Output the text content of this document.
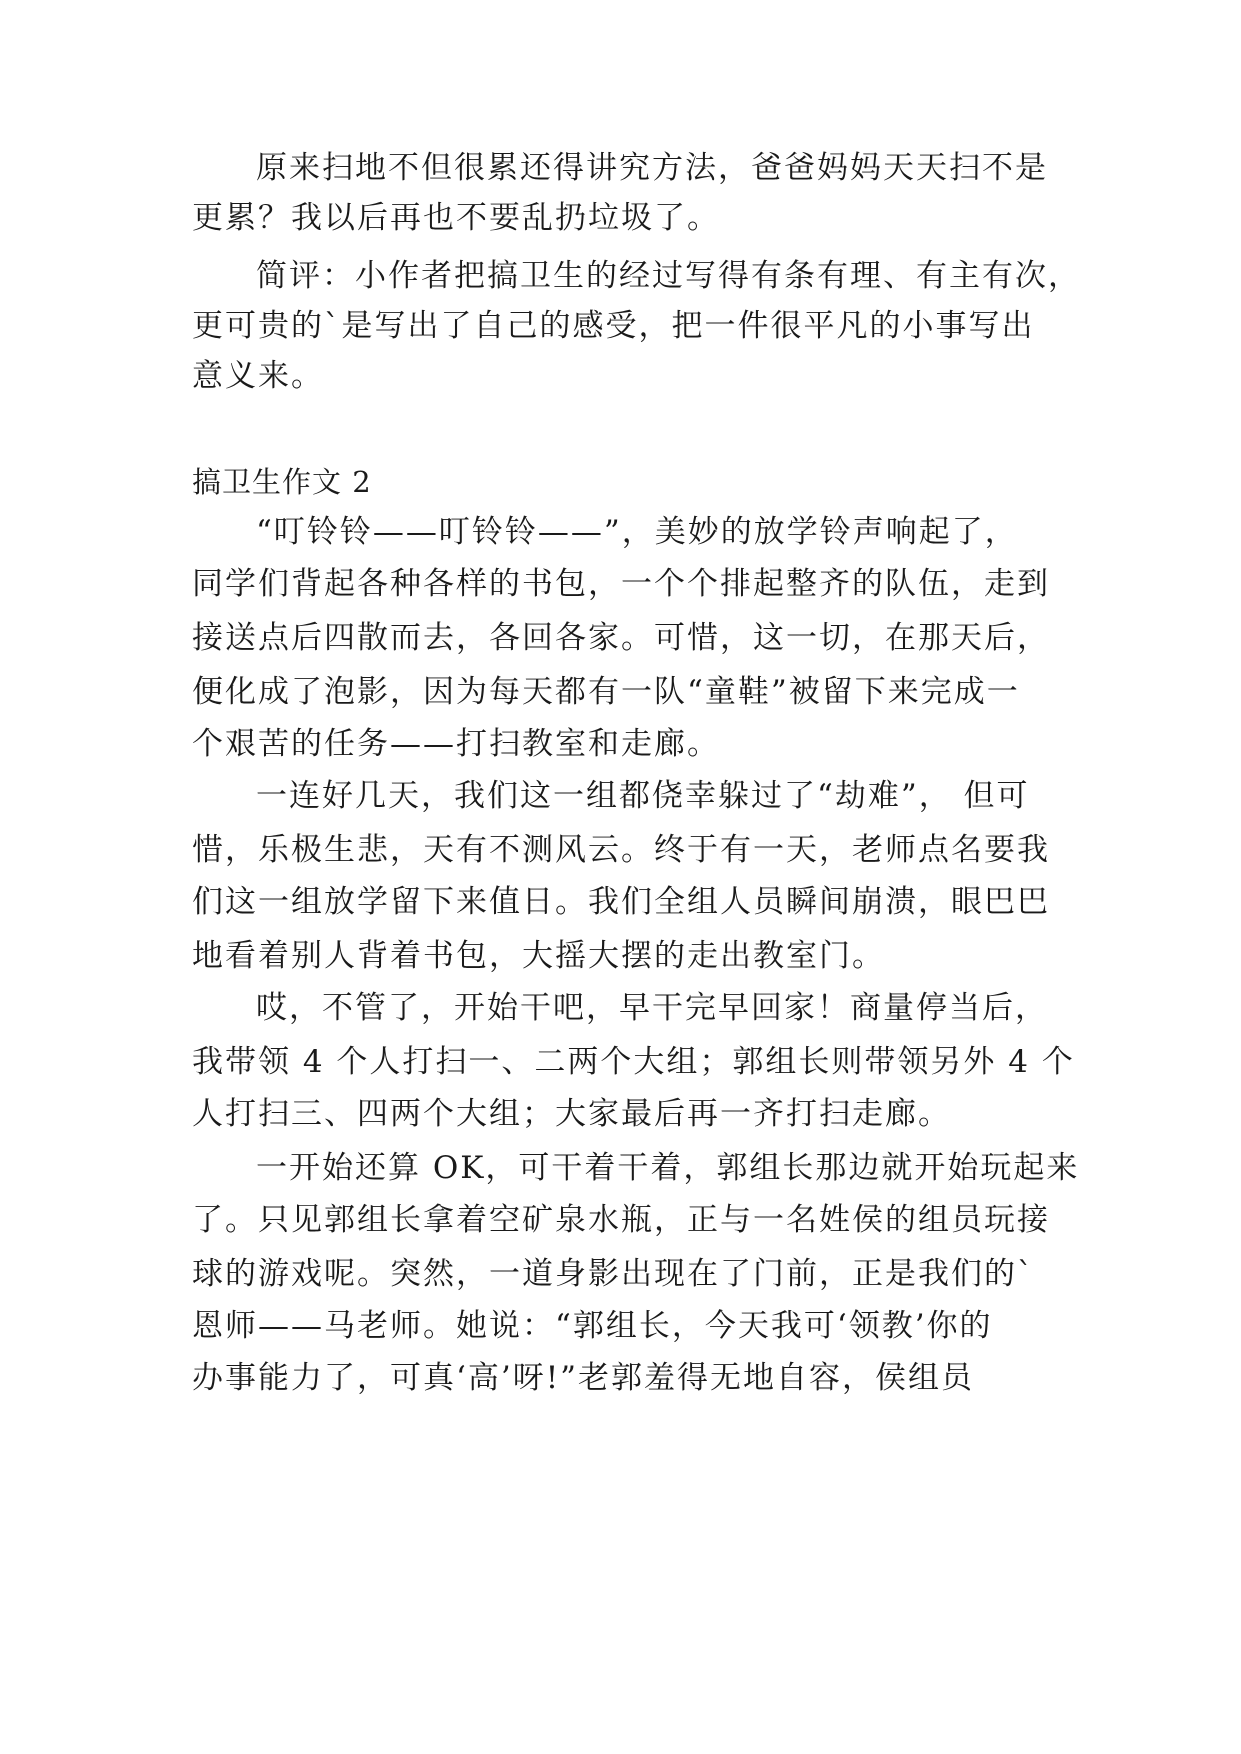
原来扫地不但很累还得讲究方法，爸爸妈妈天天扫不是
更累？我以后再也不要乱扔垃圾了。
简评：小作者把搞卫生的经过写得有条有理、有主有次，
更可贵的`是写出了自己的感受，把一件很平凡的小事写出
意义来。
搞卫生作文 2
“叮铃铃——叮铃铃——”，美妙的放学铃声响起了，
同学们背起各种各样的书包，一个个排起整齐的队伍，走到
接送点后四散而去，各回各家。可惜，这一切，在那天后，
便化成了泡影，因为每天都有一队“童鞋”被留下来完成一
个艰苦的任务——打扫教室和走廊。
一连好几天，我们这一组都侥幸躲过了“劫难”， 但可
惜，乐极生悲，天有不测风云。终于有一天，老师点名要我
们这一组放学留下来值日。我们全组人员瞬间崩溃，眼巴巴
地看着别人背着书包，大摇大摆的走出教室门。
哎，不管了，开始干吧，早干完早回家！商量停当后，
我带领 4 个人打扫一、二两个大组；郭组长则带领另外 4 个
人打扫三、四两个大组；大家最后再一齐打扫走廊。
一开始还算 OK，可干着干着，郭组长那边就开始玩起来
了。只见郭组长拿着空矿泉水瓶，正与一名姓侯的组员玩接
球的游戏呢。突然，一道身影出现在了门前，正是我们的`
恩师——马老师。她说：“郭组长，今天我可‘领教’你的
办事能力了，可真‘高’呀!”老郭羞得无地自容，侯组员
